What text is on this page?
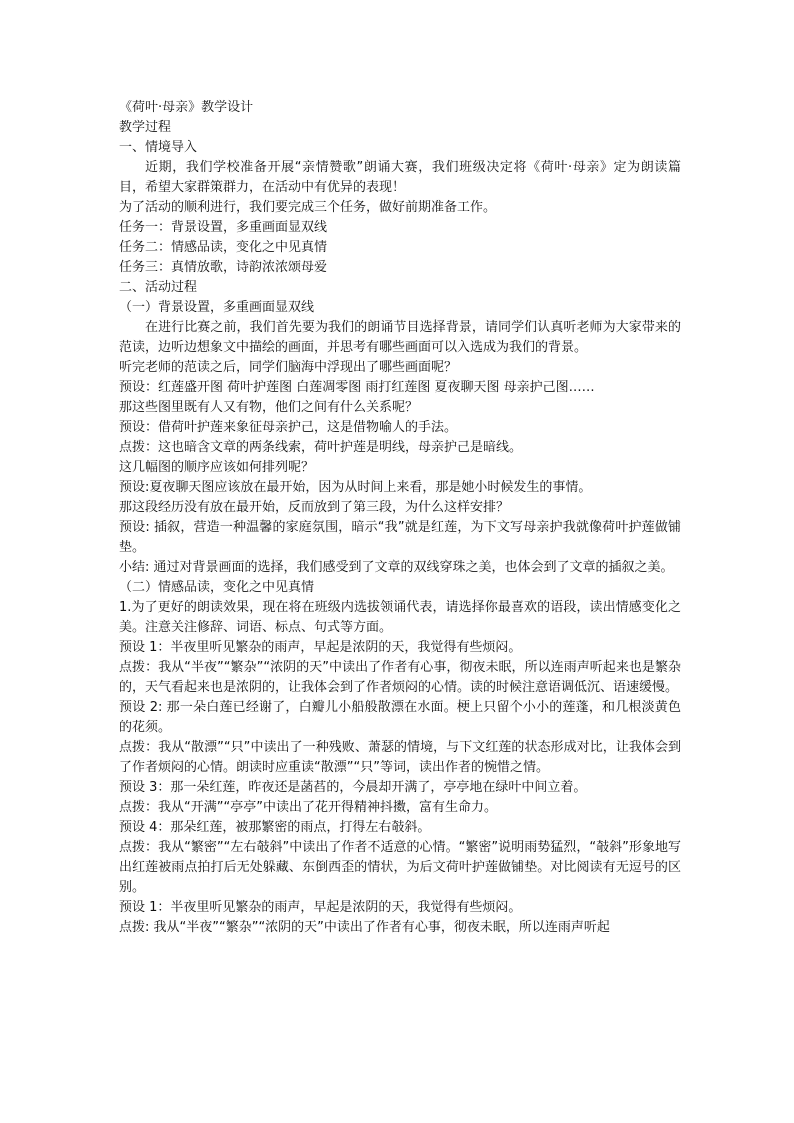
《荷叶·母亲》教学设计

教学过程

一、情境导入

近期，我们学校准备开展“亲情赞歌”朗诵大赛，我们班级决定将《荷叶·母亲》定为朗读篇目，希望大家群策群力，在活动中有优异的表现！

为了活动的顺利进行，我们要完成三个任务，做好前期准备工作。

任务一：背景设置，多重画面显双线

任务二：情感品读，变化之中见真情

任务三：真情放歌，诗韵浓浓颂母爱

二、活动过程

（一）背景设置，多重画面显双线

在进行比赛之前，我们首先要为我们的朗诵节目选择背景，请同学们认真听老师为大家带来的范读，边听边想象文中描绘的画面，并思考有哪些画面可以入选成为我们的背景。

听完老师的范读之后，同学们脑海中浮现出了哪些画面呢？

预设：红莲盛开图 荷叶护莲图 白莲凋零图 雨打红莲图 夏夜聊天图 母亲护己图……

那这些图里既有人又有物，他们之间有什么关系呢？

预设：借荷叶护莲来象征母亲护己，这是借物喻人的手法。

点拨：这也暗含文章的两条线索，荷叶护莲是明线，母亲护己是暗线。

这几幅图的顺序应该如何排列呢？

预设:夏夜聊天图应该放在最开始，因为从时间上来看，那是她小时候发生的事情。

那这段经历没有放在最开始，反而放到了第三段，为什么这样安排？

预设: 插叙，营造一种温馨的家庭氛围，暗示“我”就是红莲，为下文写母亲护我就像荷叶护莲做铺垫。

小结: 通过对背景画面的选择，我们感受到了文章的双线穿珠之美，也体会到了文章的插叙之美。

（二）情感品读，变化之中见真情

1.为了更好的朗读效果，现在将在班级内选拔领诵代表，请选择你最喜欢的语段，读出情感变化之美。注意关注修辞、词语、标点、句式等方面。

预设 1：半夜里听见繁杂的雨声，早起是浓阴的天，我觉得有些烦闷。

点拨：我从“半夜”“繁杂”“浓阴的天”中读出了作者有心事，彻夜未眠，所以连雨声听起来也是繁杂的，天气看起来也是浓阴的，让我体会到了作者烦闷的心情。读的时候注意语调低沉、语速缓慢。

预设 2: 那一朵白莲已经谢了，白瓣儿小船般散漂在水面。梗上只留个小小的莲蓬，和几根淡黄色的花须。

点拨：我从“散漂”“只”中读出了一种残败、萧瑟的情境，与下文红莲的状态形成对比，让我体会到了作者烦闷的心情。朗读时应重读“散漂”“只”等词，读出作者的惋惜之情。

预设 3：那一朵红莲，昨夜还是菡萏的，今晨却开满了，亭亭地在绿叶中间立着。

点拨：我从“开满”“亭亭”中读出了花开得精神抖擞，富有生命力。

预设 4：那朵红莲，被那繁密的雨点，打得左右攲斜。

点拨：我从“繁密”“左右攲斜”中读出了作者不适意的心情。“繁密”说明雨势猛烈，“攲斜”形象地写出红莲被雨点拍打后无处躲藏、东倒西歪的情状，为后文荷叶护莲做铺垫。对比阅读有无逗号的区别。

预设 1：半夜里听见繁杂的雨声，早起是浓阴的天，我觉得有些烦闷。

点拨: 我从“半夜”“繁杂”“浓阴的天”中读出了作者有心事，彻夜未眠，所以连雨声听起
